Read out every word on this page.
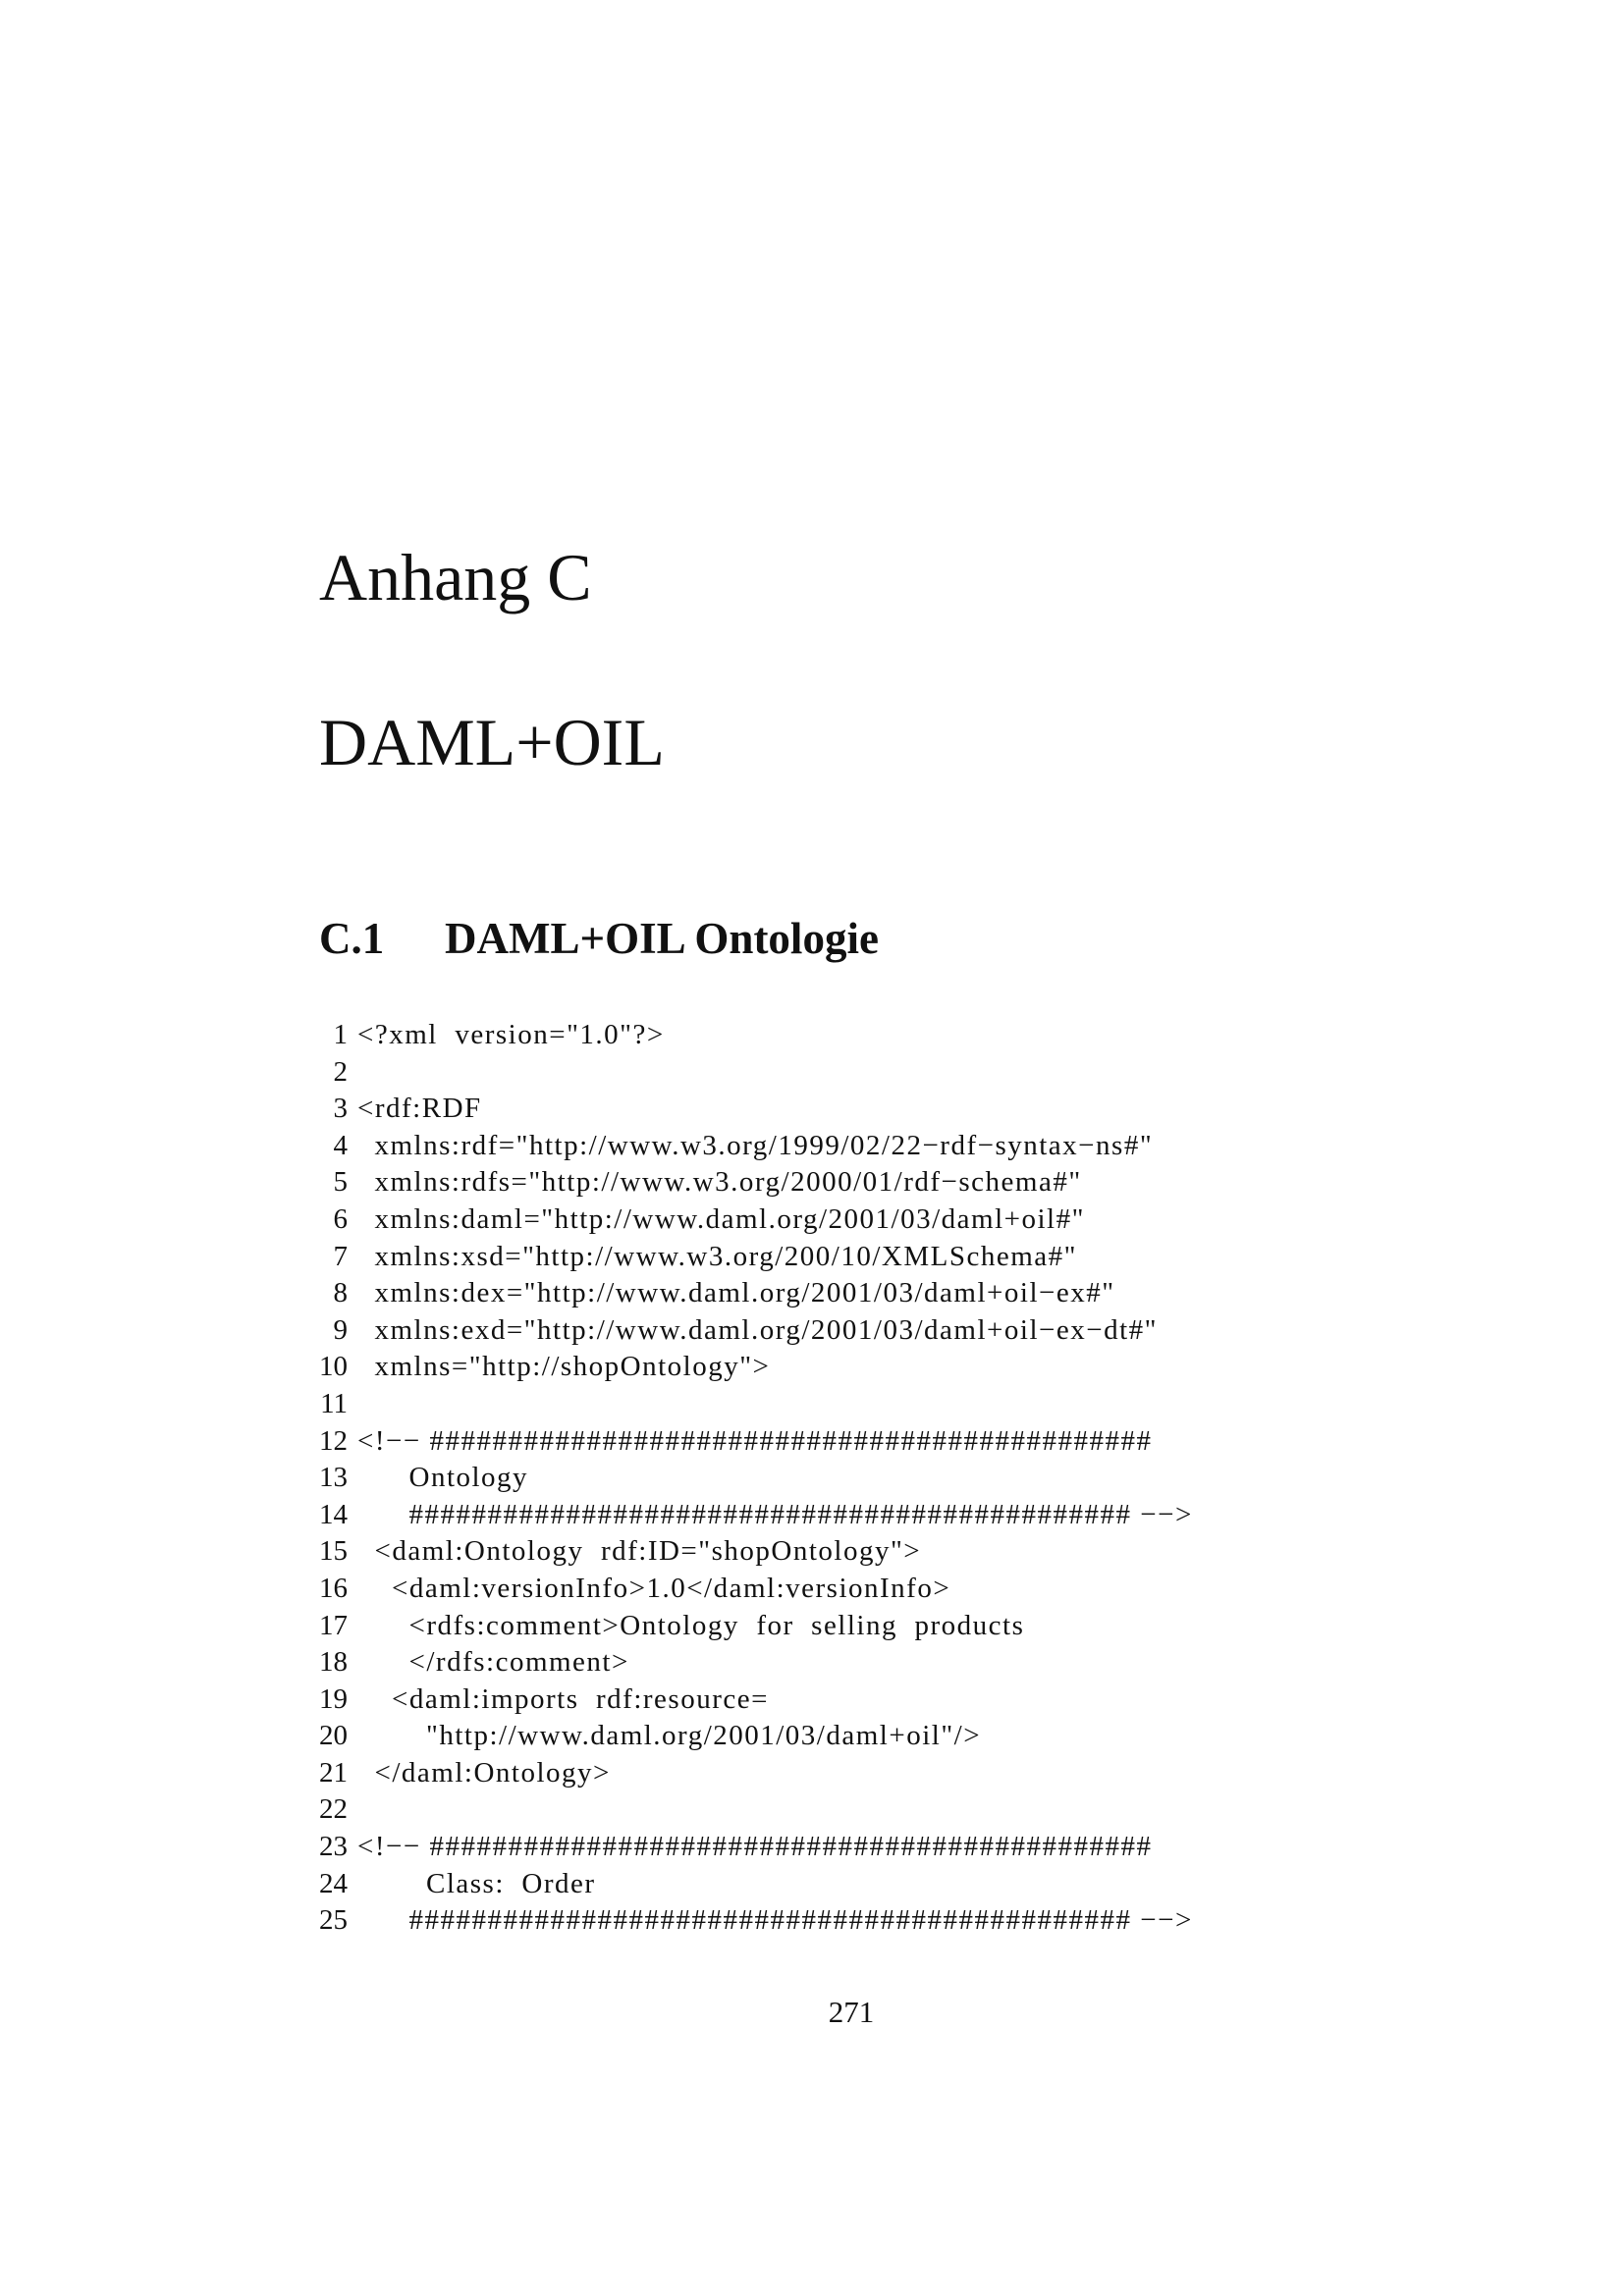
Anhang C
DAML+OIL
C.1 DAML+OIL Ontologie
1 <?xml  version="1.0"?>
2
3 <rdf:RDF
4 xmlns:rdf="http://www.w3.org/1999/02/22−rdf−syntax−ns#"
5 xmlns:rdfs="http://www.w3.org/2000/01/rdf−schema#"
6 xmlns:daml="http://www.daml.org/2001/03/daml+oil#"
7 xmlns:xsd="http://www.w3.org/200/10/XMLSchema#"
8 xmlns:dex="http://www.daml.org/2001/03/daml+oil−ex#"
9 xmlns:exd="http://www.daml.org/2001/03/daml+oil−ex−dt#"
10 xmlns="http://shopOntology">
11
12 <!−− ##############################################
13 Ontology
14 ############################################## −−>
15 <daml:Ontology  rdf:ID="shopOntology">
16 <daml:versionInfo>1.0</daml:versionInfo>
17 <rdfs:comment>Ontology  for  selling  products
18 </rdfs:comment>
19 <daml:imports  rdf:resource=
20 "http://www.daml.org/2001/03/daml+oil"/>
21 </daml:Ontology>
22
23 <!−− ##############################################
24 Class:  Order
25 ############################################## −−>
271
